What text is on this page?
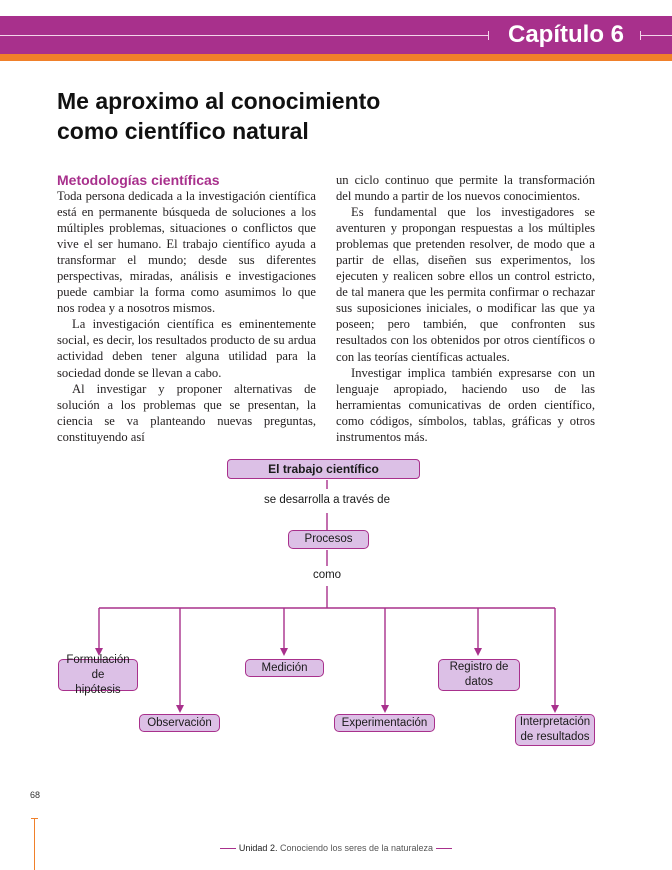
Capítulo 6
Me aproximo al conocimiento
como científico natural
Metodologías científicas

Toda persona dedicada a la investigación científica está en permanente búsqueda de soluciones a los múltiples problemas, situaciones o conflictos que vive el ser humano. El trabajo científico ayuda a transformar el mundo; desde sus diferentes perspectivas, miradas, análisis e investigaciones puede cambiar la forma como asumimos lo que nos rodea y a nosotros mismos.

La investigación científica es eminentemente social, es decir, los resultados producto de su ardua actividad deben tener alguna utilidad para la sociedad donde se llevan a cabo.

Al investigar y proponer alternativas de solución a los problemas que se presentan, la ciencia se va planteando nuevas preguntas, constituyendo así

un ciclo continuo que permite la transformación del mundo a partir de los nuevos conocimientos.

Es fundamental que los investigadores se aventuren y propongan respuestas a los múltiples problemas que pretenden resolver, de modo que a partir de ellas, diseñen sus experimentos, los ejecuten y realicen sobre ellos un control estricto, de tal manera que les permita confirmar o rechazar sus suposiciones iniciales, o modificar las que ya poseen; pero también, que confronten sus resultados con los obtenidos por otros científicos o con las teorías científicas actuales.

Investigar implica también expresarse con un lenguaje apropiado, haciendo uso de las herramientas comunicativas de orden científico, como códigos, símbolos, tablas, gráficas y otros instrumentos más.

El trabajo científico
se desarrolla a través de
Procesos
como
Formulación de
hipótesis
Medición	Registro de
datos
Observación	Experimentación	Interpretación
de resultados
68
Unidad 2. Conociendo los seres de la naturaleza
